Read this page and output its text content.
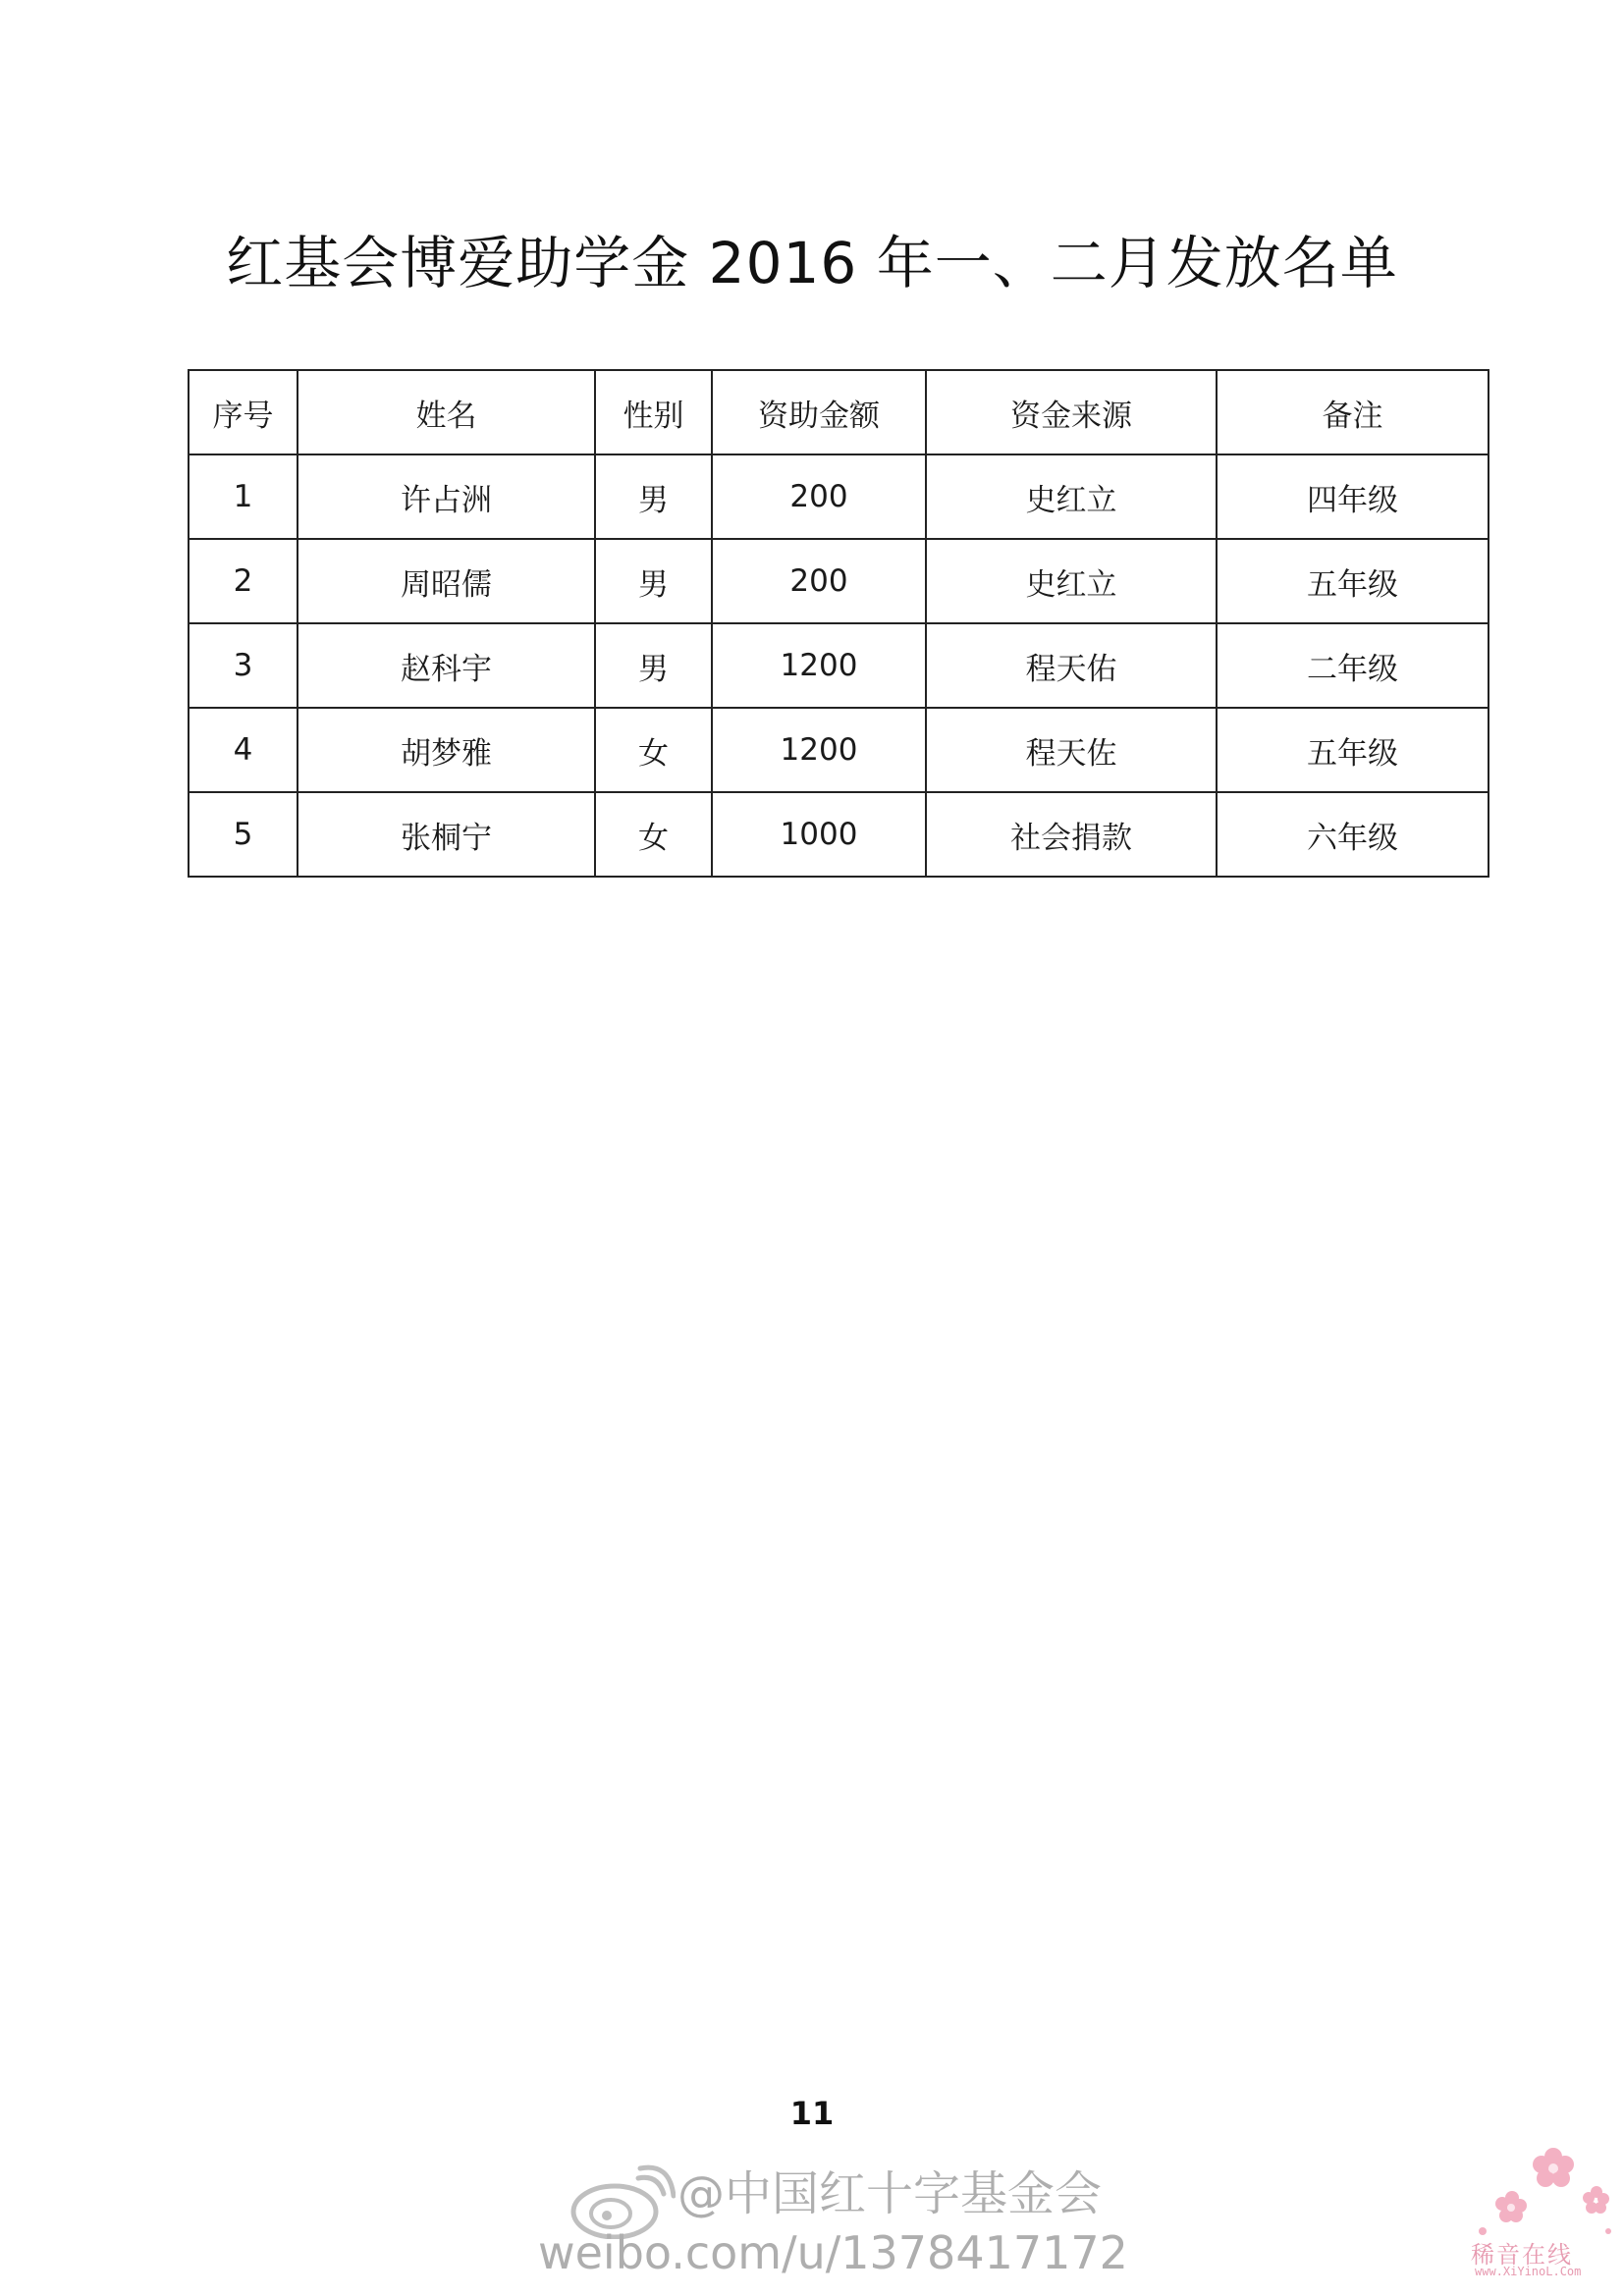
红基会博爱助学金 2016 年一、二月发放名单
序号	姓名	性别	资助金额	资金来源	备注
1	许占洲	男	200	史红立	四年级
2	周昭儒	男	200	史红立	五年级
3	赵科宇	男	1200	程天佑	二年级
4	胡梦雅	女	1200	程天佐	五年级
5	张桐宁	女	1000	社会捐款	六年级
11
@中国红十字基金会
weibo.com/u/1378417172	稀音在线
www.XiYinoL.Com
